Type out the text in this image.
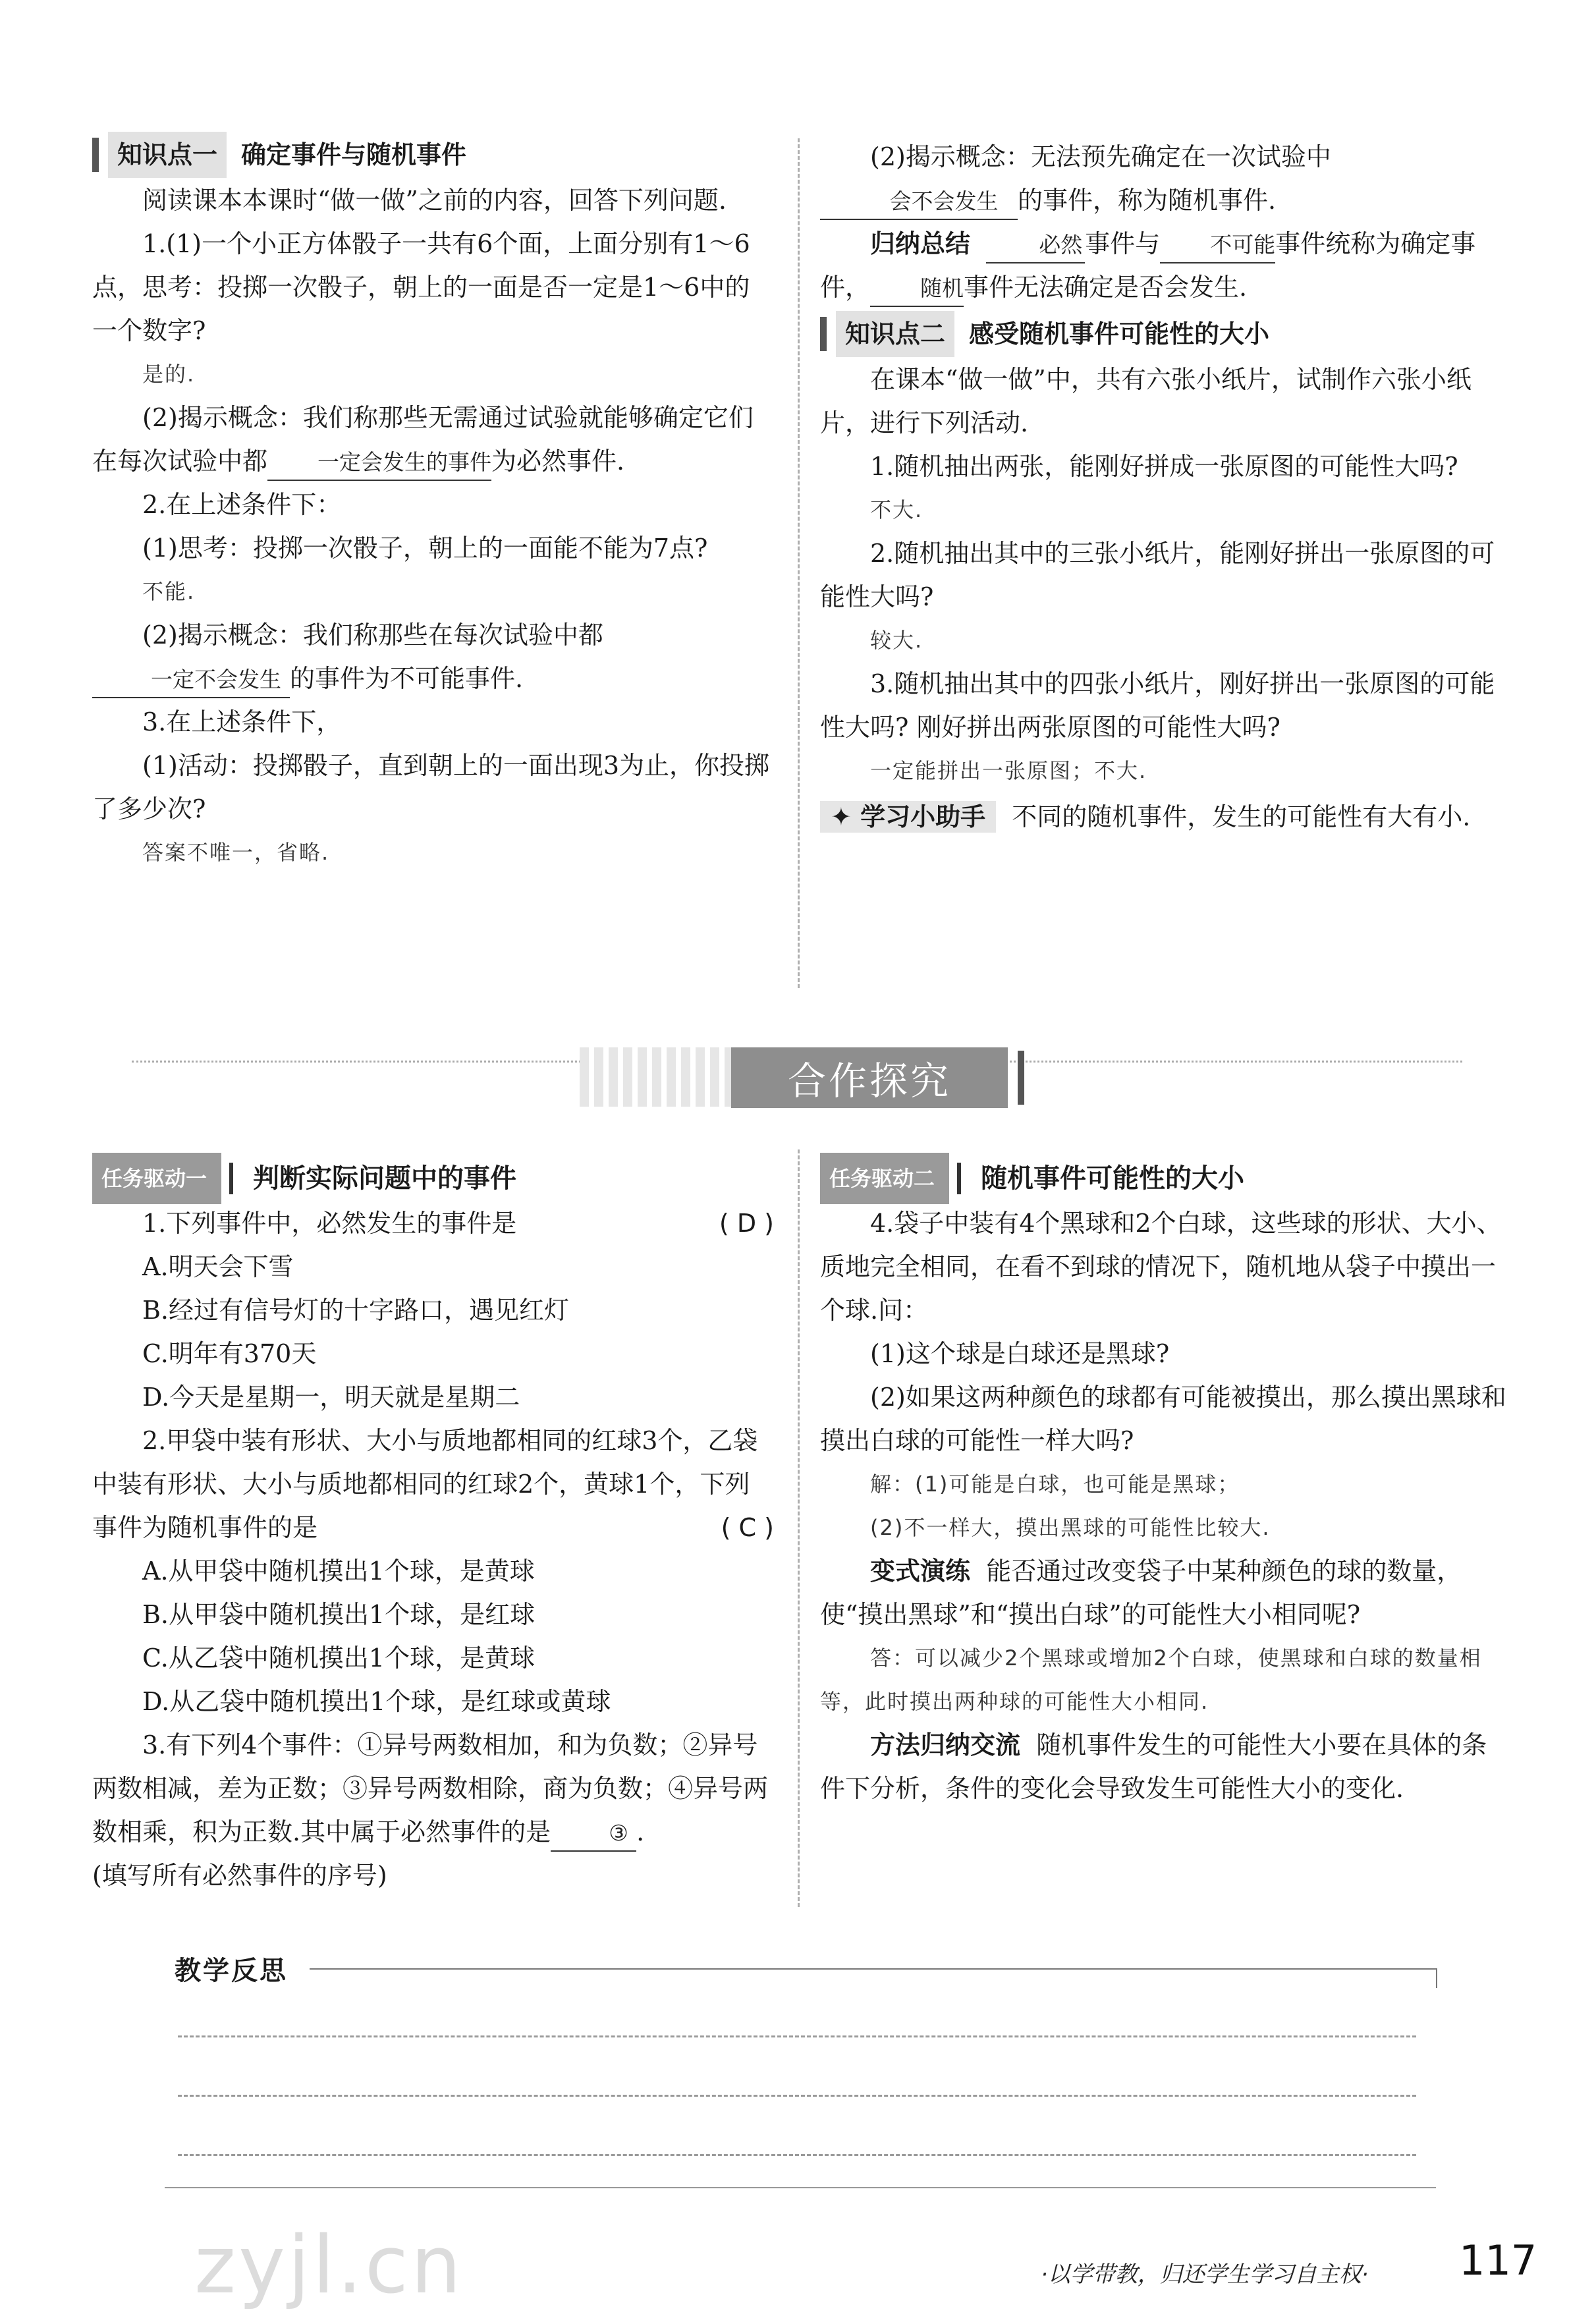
知识点一 确定事件与随机事件

阅读课本本课时“做一做”之前的内容，回答下列问题.

1.(1)一个小正方体骰子一共有6个面，上面分别有1～6点，思考：投掷一次骰子，朝上的一面是否一定是1～6中的一个数字?

是的.

(2)揭示概念：我们称那些无需通过试验就能够确定它们在每次试验中都 一定会发生的事件为必然事件.

2.在上述条件下：

(1)思考：投掷一次骰子，朝上的一面能不能为7点?

不能.

(2)揭示概念：我们称那些在每次试验中都一定不会发生 的事件为不可能事件.

3.在上述条件下，

(1)活动：投掷骰子，直到朝上的一面出现3为止，你投掷了多少次?

答案不唯一，省略.

(2)揭示概念：无法预先确定在一次试验中会不会发生 的事件，称为随机事件.

归纳总结	必然 事件与 不可能事件统称为确定事件， 随机事件无法确定是否会发生.

知识点二 感受随机事件可能性的大小

在课本“做一做”中，共有六张小纸片，试制作六张小纸片，进行下列活动.

1.随机抽出两张，能刚好拼成一张原图的可能性大吗?

不大.

2.随机抽出其中的三张小纸片，能刚好拼出一张原图的可能性大吗?

较大.

3.随机抽出其中的四张小纸片，刚好拼出一张原图的可能性大吗? 刚好拼出两张原图的可能性大吗?

一定能拼出一张原图；不大.

✦ 学习小助手 不同的随机事件，发生的可能性有大有小.

合作探究
任务驱动一	判断实际问题中的事件

1.下列事件中，必然发生的事件是	( D )

A.明天会下雪

B.经过有信号灯的十字路口，遇见红灯

C.明年有370天

D.今天是星期一，明天就是星期二

2.甲袋中装有形状、大小与质地都相同的红球3个，乙袋中装有形状、大小与质地都相同的红球2个，黄球1个，下列事件为随机事件的是	( C )

A.从甲袋中随机摸出1个球，是黄球

B.从甲袋中随机摸出1个球，是红球

C.从乙袋中随机摸出1个球，是黄球

D.从乙袋中随机摸出1个球，是红球或黄球

3.有下列4个事件：①异号两数相加，和为负数；②异号两数相减，差为正数；③异号两数相除，商为负数；④异号两数相乘，积为正数.其中属于必然事件的是	③ .

(填写所有必然事件的序号)

任务驱动二	随机事件可能性的大小

4.袋子中装有4个黑球和2个白球，这些球的形状、大小、质地完全相同，在看不到球的情况下，随机地从袋子中摸出一个球.问：

(1)这个球是白球还是黑球?

(2)如果这两种颜色的球都有可能被摸出，那么摸出黑球和摸出白球的可能性一样大吗?

解：(1)可能是白球，也可能是黑球；

(2)不一样大，摸出黑球的可能性比较大.

变式演练 能否通过改变袋子中某种颜色的球的数量，使“摸出黑球”和“摸出白球”的可能性大小相同呢?

答：可以减少2个黑球或增加2个白球，使黑球和白球的数量相等，此时摸出两种球的可能性大小相同.

方法归纳交流 随机事件发生的可能性大小要在具体的条件下分析，条件的变化会导致发生可能性大小的变化.

教学反思
zyjl.cn	·以学带教，归还学生学习自主权· 117
